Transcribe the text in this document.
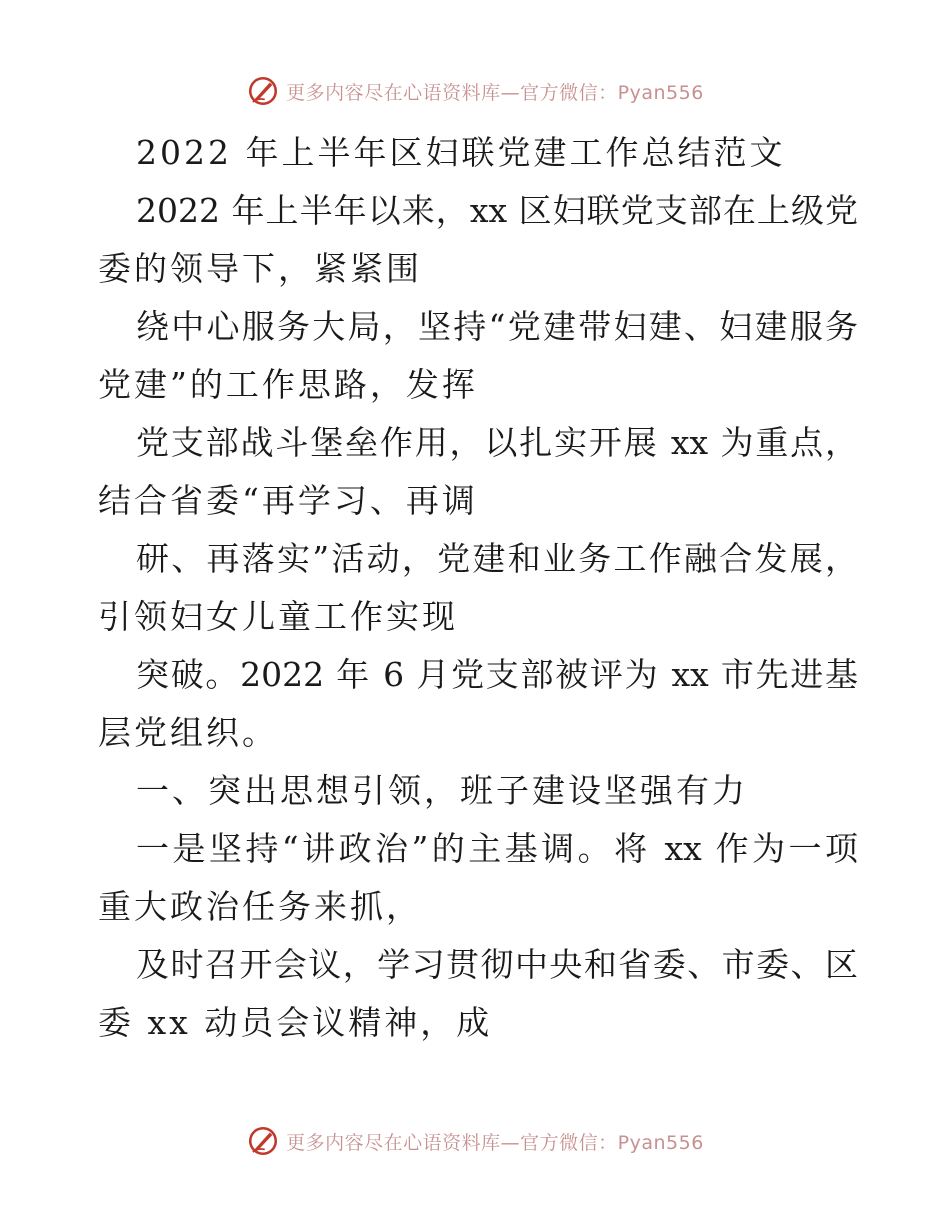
更多内容尽在心语资料库—官方微信：Pyan556
2022 年上半年区妇联党建工作总结范文
2022 年上半年以来，xx 区妇联党支部在上级党
委的领导下，紧紧围
绕中心服务大局，坚持“党建带妇建、妇建服务
党建”的工作思路，发挥
党支部战斗堡垒作用，以扎实开展 xx 为重点，
结合省委“再学习、再调
研、再落实”活动，党建和业务工作融合发展，
引领妇女儿童工作实现
突破。2022 年 6 月党支部被评为 xx 市先进基
层党组织。
一、突出思想引领，班子建设坚强有力
一是坚持“讲政治”的主基调。将 xx 作为一项
重大政治任务来抓，
及时召开会议，学习贯彻中央和省委、市委、区
委 xx 动员会议精神，成
更多内容尽在心语资料库—官方微信：Pyan556
